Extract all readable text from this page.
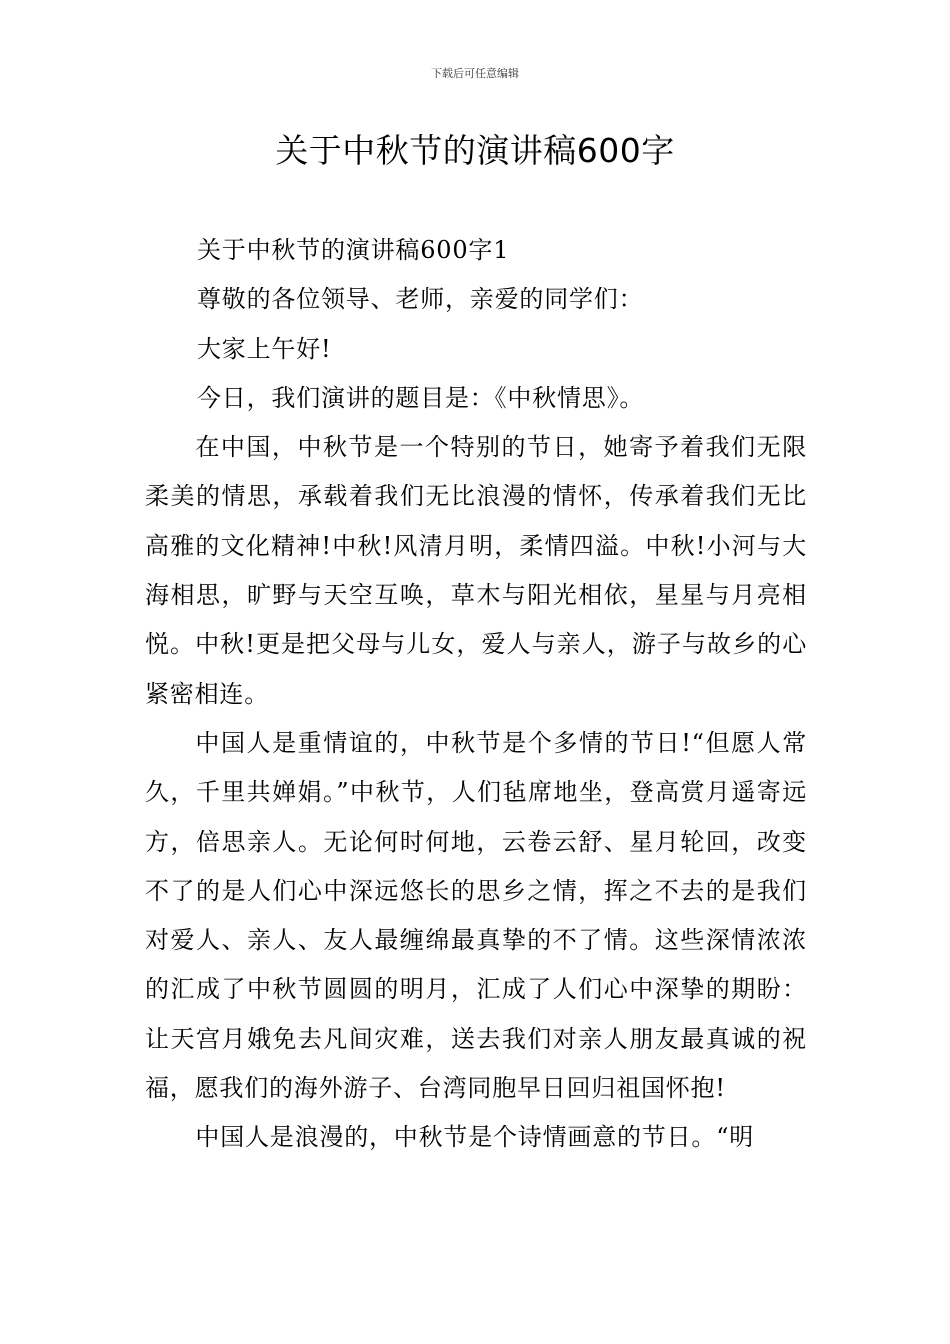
下载后可任意编辑
关于中秋节的演讲稿600字

关于中秋节的演讲稿600字1

尊敬的各位领导、老师，亲爱的同学们：

大家上午好!

今日，我们演讲的题目是：《中秋情思》。

在中国，中秋节是一个特别的节日，她寄予着我们无限柔美的情思，承载着我们无比浪漫的情怀，传承着我们无比高雅的文化精神!中秋!风清月明，柔情四溢。中秋!小河与大海相思，旷野与天空互唤，草木与阳光相依，星星与月亮相悦。中秋!更是把父母与儿女，爱人与亲人，游子与故乡的心紧密相连。

中国人是重情谊的，中秋节是个多情的节日!“但愿人常久，千里共婵娟。”中秋节，人们毡席地坐，登高赏月遥寄远方，倍思亲人。无论何时何地，云卷云舒、星月轮回，改变不了的是人们心中深远悠长的思乡之情，挥之不去的是我们对爱人、亲人、友人最缠绵最真挚的不了情。这些深情浓浓的汇成了中秋节圆圆的明月，汇成了人们心中深挚的期盼：让天宫月娥免去凡间灾难，送去我们对亲人朋友最真诚的祝福，愿我们的海外游子、台湾同胞早日回归祖国怀抱!

中国人是浪漫的，中秋节是个诗情画意的节日。“明
